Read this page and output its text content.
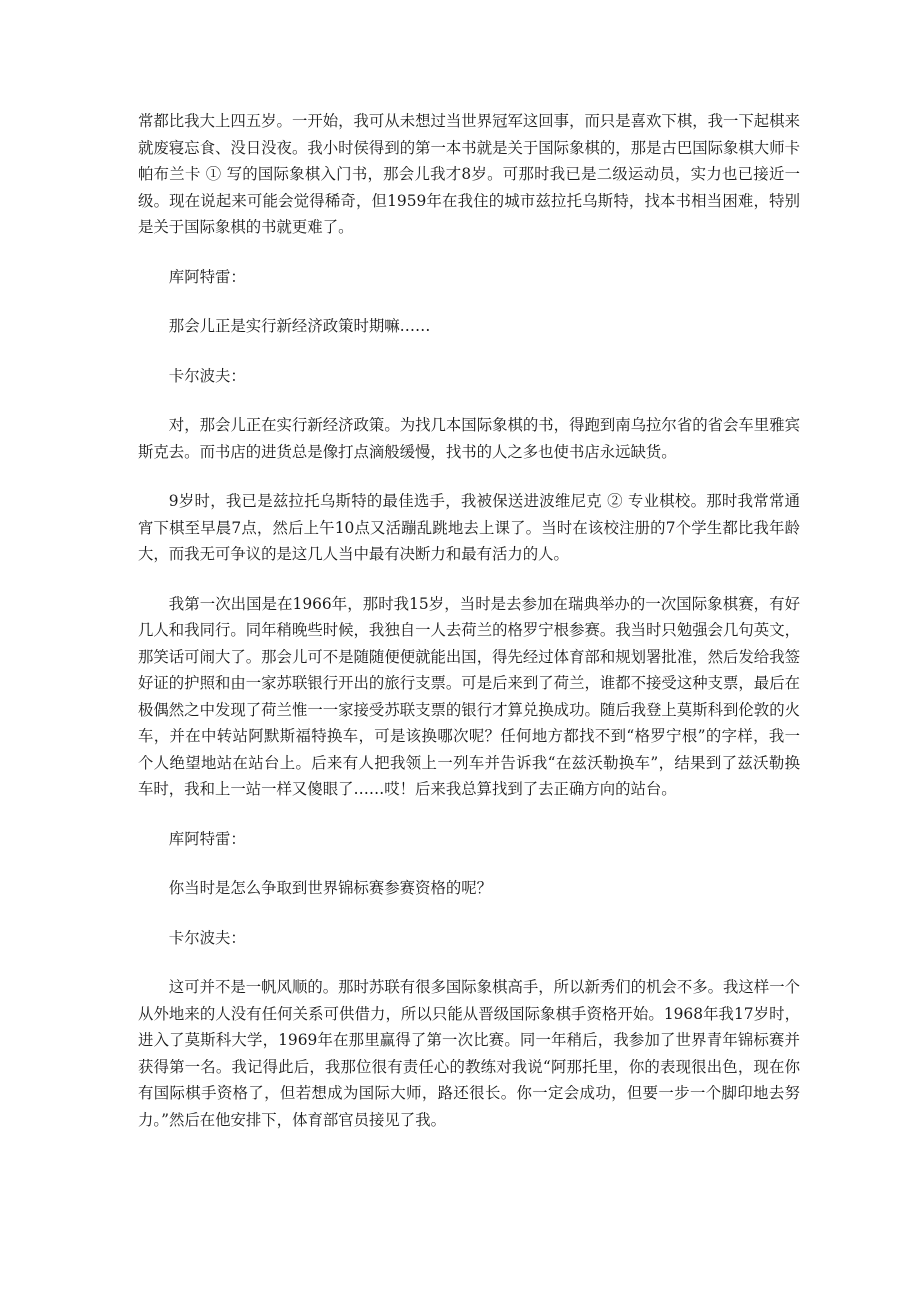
常都比我大上四五岁。一开始，我可从未想过当世界冠军这回事，而只是喜欢下棋，我一下起棋来就废寝忘食、没日没夜。我小时侯得到的第一本书就是关于国际象棋的，那是古巴国际象棋大师卡帕布兰卡 ① 写的国际象棋入门书，那会儿我才8岁。可那时我已是二级运动员，实力也已接近一级。现在说起来可能会觉得稀奇，但1959年在我住的城市兹拉托乌斯特，找本书相当困难，特别是关于国际象棋的书就更难了。

库阿特雷：

那会儿正是实行新经济政策时期嘛……

卡尔波夫：

对，那会儿正在实行新经济政策。为找几本国际象棋的书，得跑到南乌拉尔省的省会车里雅宾斯克去。而书店的进货总是像打点滴般缓慢，找书的人之多也使书店永远缺货。

9岁时，我已是兹拉托乌斯特的最佳选手，我被保送进波维尼克 ② 专业棋校。那时我常常通宵下棋至早晨7点，然后上午10点又活蹦乱跳地去上课了。当时在该校注册的7个学生都比我年龄大，而我无可争议的是这几人当中最有决断力和最有活力的人。

我第一次出国是在1966年，那时我15岁，当时是去参加在瑞典举办的一次国际象棋赛，有好几人和我同行。同年稍晚些时候，我独自一人去荷兰的格罗宁根参赛。我当时只勉强会几句英文，那笑话可闹大了。那会儿可不是随随便便就能出国，得先经过体育部和规划署批准，然后发给我签好证的护照和由一家苏联银行开出的旅行支票。可是后来到了荷兰，谁都不接受这种支票，最后在极偶然之中发现了荷兰惟一一家接受苏联支票的银行才算兑换成功。随后我登上莫斯科到伦敦的火车，并在中转站阿默斯福特换车，可是该换哪次呢？任何地方都找不到“格罗宁根”的字样，我一个人绝望地站在站台上。后来有人把我领上一列车并告诉我“在兹沃勒换车”，结果到了兹沃勒换车时，我和上一站一样又傻眼了……哎！后来我总算找到了去正确方向的站台。

库阿特雷：

你当时是怎么争取到世界锦标赛参赛资格的呢？

卡尔波夫：

这可并不是一帆风顺的。那时苏联有很多国际象棋高手，所以新秀们的机会不多。我这样一个从外地来的人没有任何关系可供借力，所以只能从晋级国际象棋手资格开始。1968年我17岁时，进入了莫斯科大学，1969年在那里赢得了第一次比赛。同一年稍后，我参加了世界青年锦标赛并获得第一名。我记得此后，我那位很有责任心的教练对我说“阿那托里，你的表现很出色，现在你有国际棋手资格了，但若想成为国际大师，路还很长。你一定会成功，但要一步一个脚印地去努力。”然后在他安排下，体育部官员接见了我。
